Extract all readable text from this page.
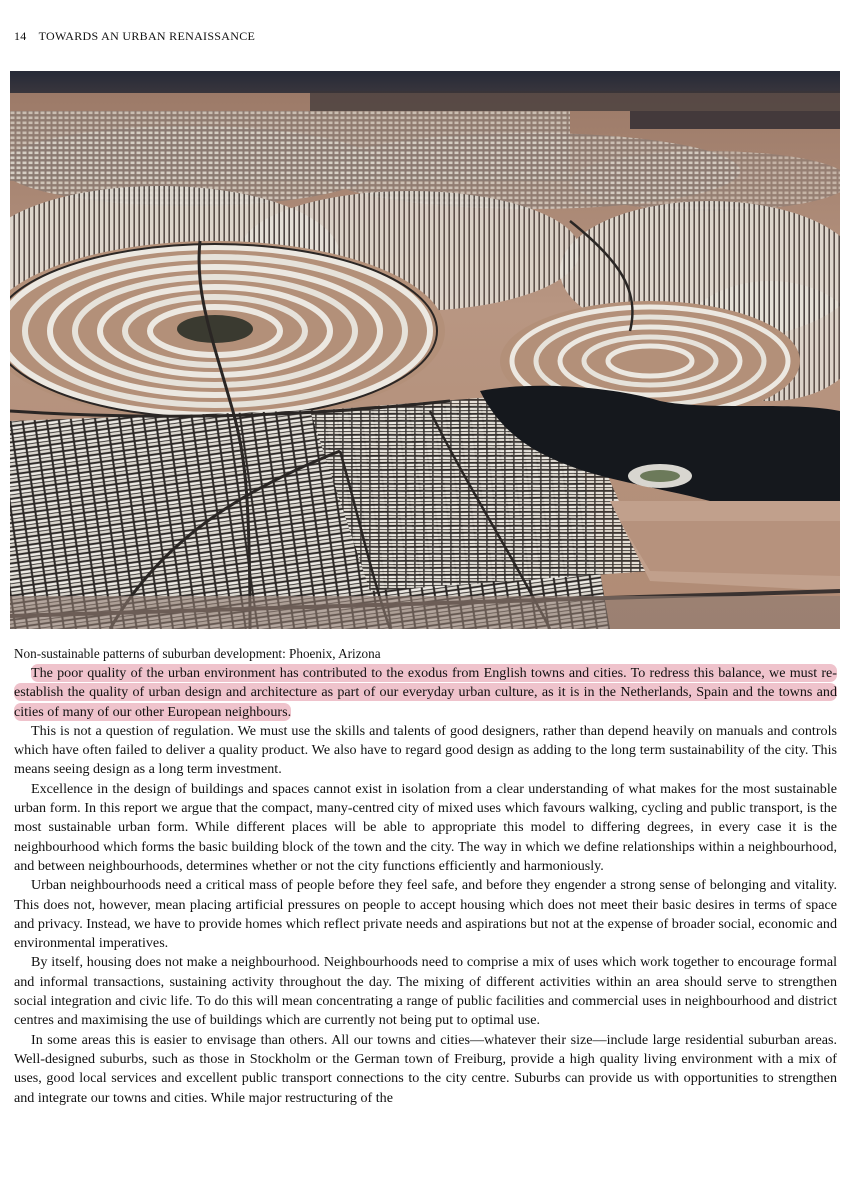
14 TOWARDS AN URBAN RENAISSANCE
Non-sustainable patterns of suburban development: Phoenix, Arizona

The poor quality of the urban environment has contributed to the exodus from English towns and cities. To redress this balance, we must re-establish the quality of urban design and architecture as part of our everyday urban culture, as it is in the Netherlands, Spain and the towns and cities of many of our other European neighbours.

This is not a question of regulation. We must use the skills and talents of good designers, rather than depend heavily on manuals and controls which have often failed to deliver a quality product. We also have to regard good design as adding to the long term sustainability of the city. This means seeing design as a long term investment.

Excellence in the design of buildings and spaces cannot exist in isolation from a clear understanding of what makes for the most sustainable urban form. In this report we argue that the compact, many-centred city of mixed uses which favours walking, cycling and public transport, is the most sustainable urban form. While different places will be able to appropriate this model to differing degrees, in every case it is the neighbourhood which forms the basic building block of the town and the city. The way in which we define relationships within a neighbourhood, and between neighbourhoods, determines whether or not the city functions efficiently and harmoniously.

Urban neighbourhoods need a critical mass of people before they feel safe, and before they engender a strong sense of belonging and vitality. This does not, however, mean placing artificial pressures on people to accept housing which does not meet their basic desires in terms of space and privacy. Instead, we have to provide homes which reflect private needs and aspirations but not at the expense of broader social, economic and environmental imperatives.

By itself, housing does not make a neighbourhood. Neighbourhoods need to comprise a mix of uses which work together to encourage formal and informal transactions, sustaining activity throughout the day. The mixing of different activities within an area should serve to strengthen social integration and civic life. To do this will mean concentrating a range of public facilities and commercial uses in neighbourhood and district centres and maximising the use of buildings which are currently not being put to optimal use.

In some areas this is easier to envisage than others. All our towns and cities—whatever their size—include large residential suburban areas. Well-designed suburbs, such as those in Stockholm or the German town of Freiburg, provide a high quality living environment with a mix of uses, good local services and excellent public transport connections to the city centre. Suburbs can provide us with opportunities to strengthen and integrate our towns and cities. While major restructuring of the
